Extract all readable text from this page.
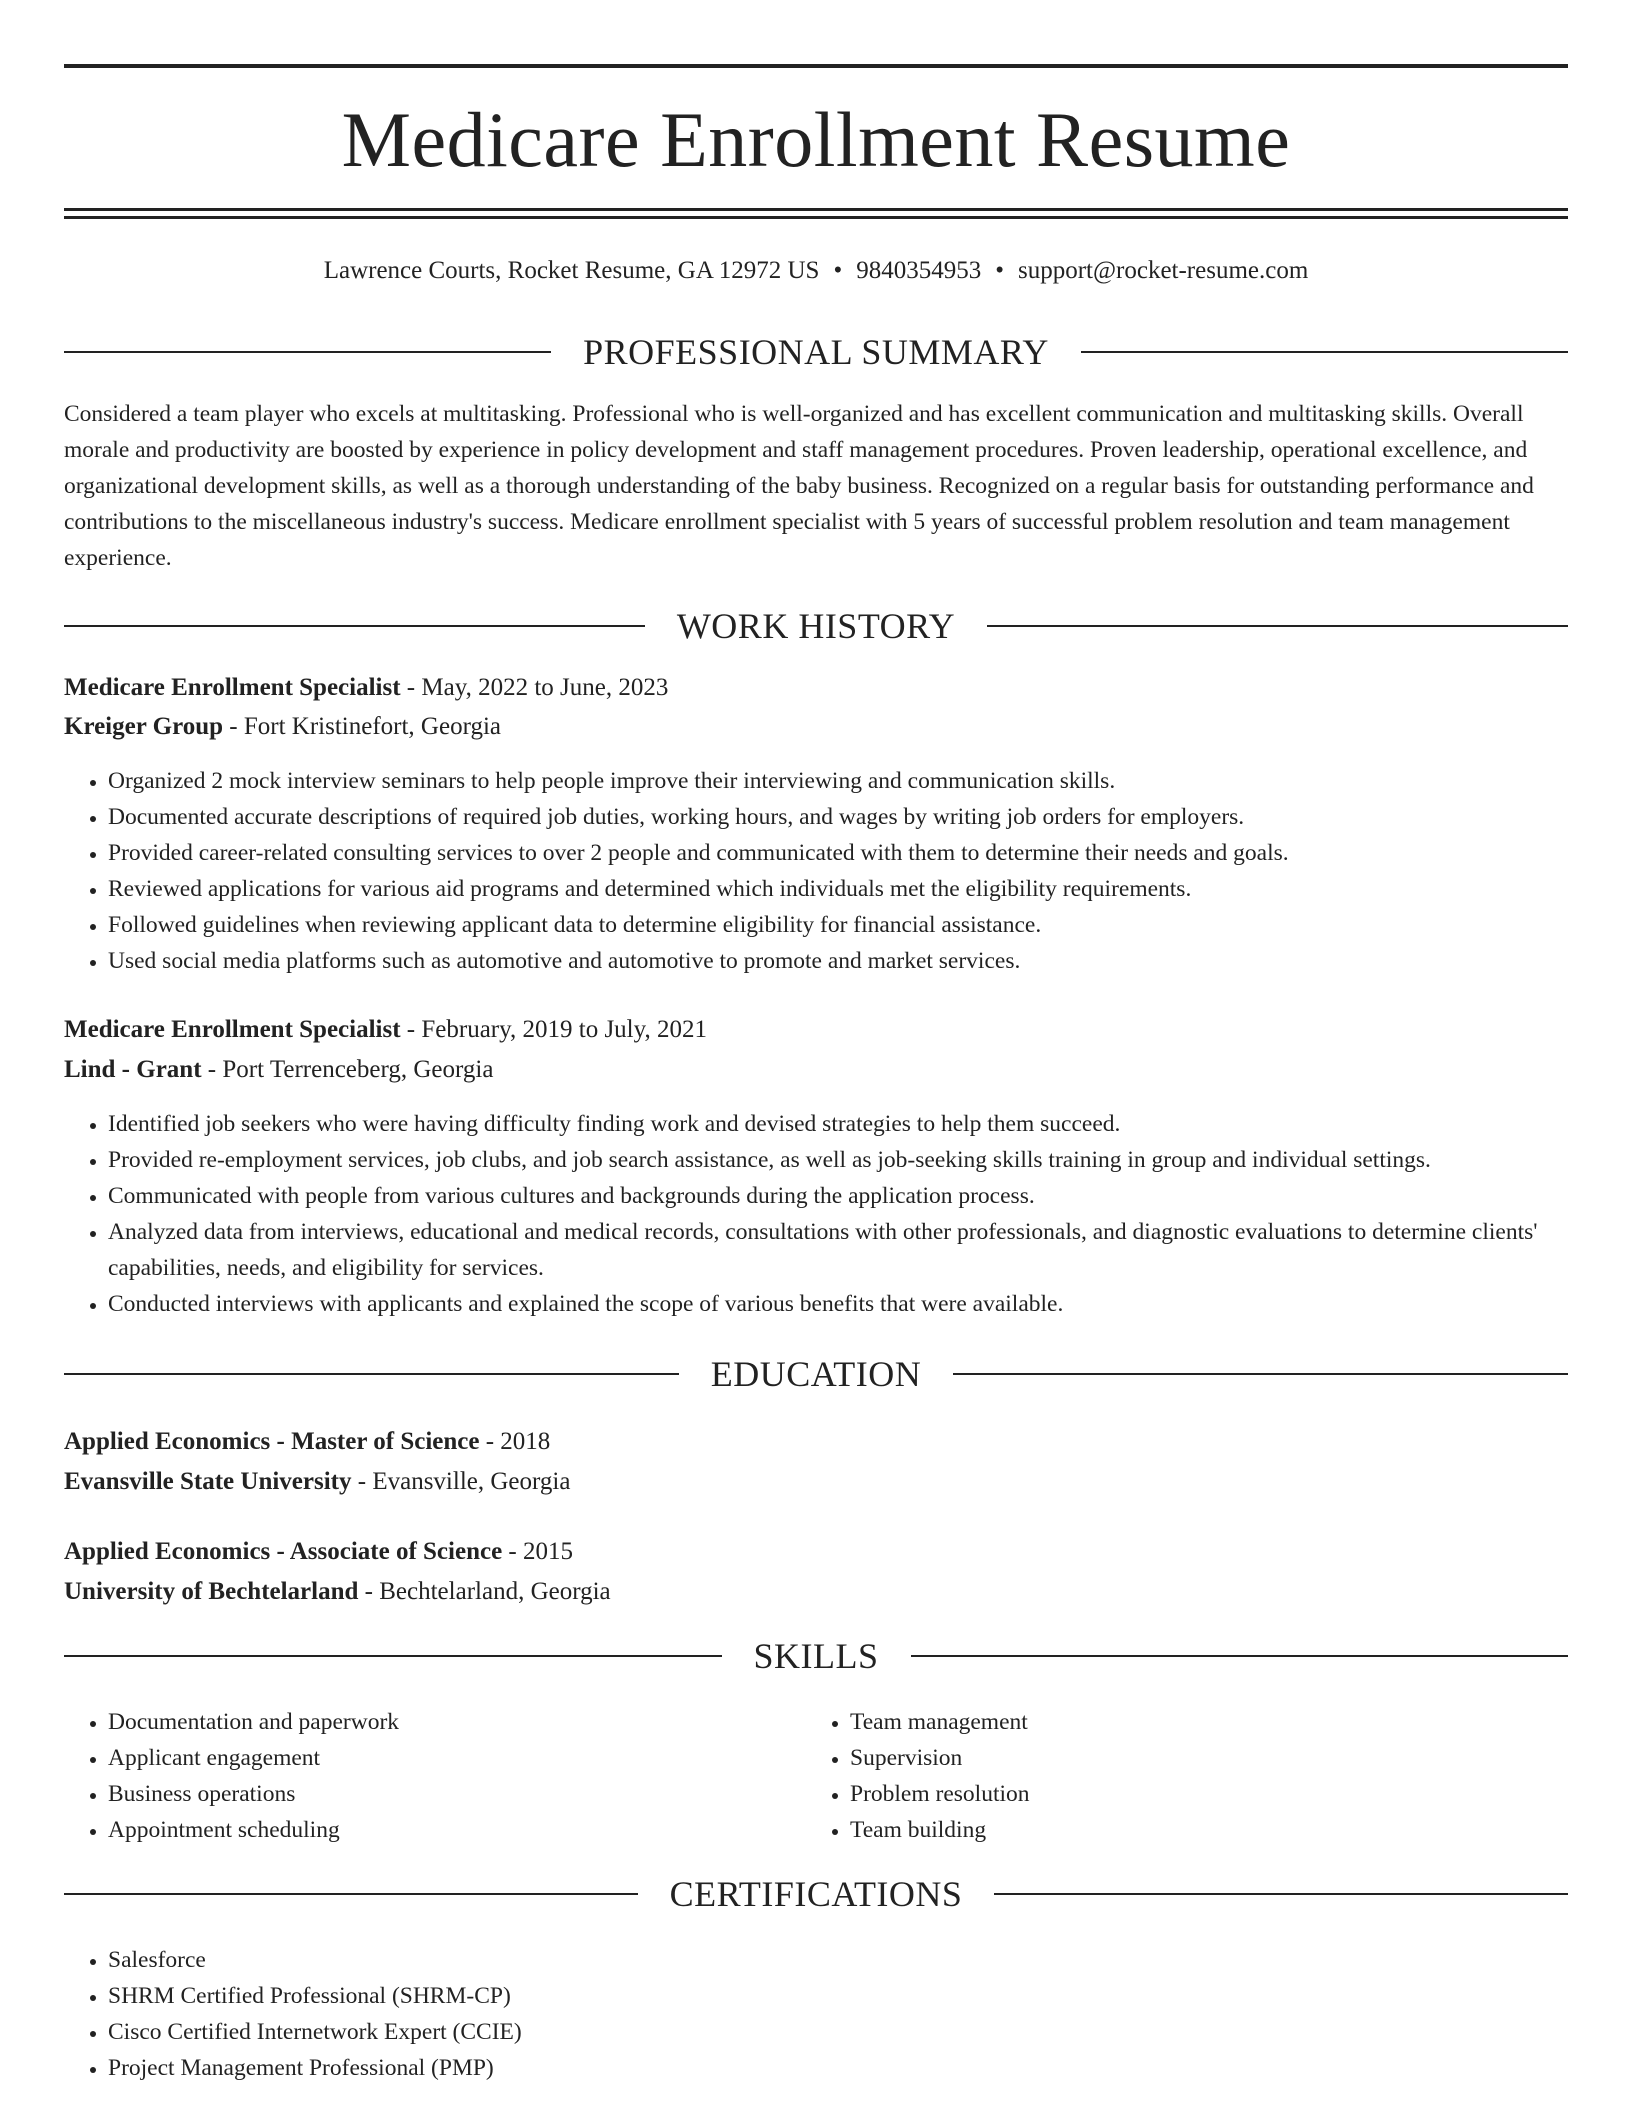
Medicare Enrollment Resume
Lawrence Courts, Rocket Resume, GA 12972 US • 9840354953 • support@rocket-resume.com
PROFESSIONAL SUMMARY
Considered a team player who excels at multitasking. Professional who is well-organized and has excellent communication and multitasking skills. Overall morale and productivity are boosted by experience in policy development and staff management procedures. Proven leadership, operational excellence, and organizational development skills, as well as a thorough understanding of the baby business. Recognized on a regular basis for outstanding performance and contributions to the miscellaneous industry's success. Medicare enrollment specialist with 5 years of successful problem resolution and team management experience.
WORK HISTORY
Medicare Enrollment Specialist - May, 2022 to June, 2023
Kreiger Group - Fort Kristinefort, Georgia
• Organized 2 mock interview seminars to help people improve their interviewing and communication skills.
• Documented accurate descriptions of required job duties, working hours, and wages by writing job orders for employers.
• Provided career-related consulting services to over 2 people and communicated with them to determine their needs and goals.
• Reviewed applications for various aid programs and determined which individuals met the eligibility requirements.
• Followed guidelines when reviewing applicant data to determine eligibility for financial assistance.
• Used social media platforms such as automotive and automotive to promote and market services.
Medicare Enrollment Specialist - February, 2019 to July, 2021
Lind - Grant - Port Terrenceberg, Georgia
• Identified job seekers who were having difficulty finding work and devised strategies to help them succeed.
• Provided re-employment services, job clubs, and job search assistance, as well as job-seeking skills training in group and individual settings.
• Communicated with people from various cultures and backgrounds during the application process.
• Analyzed data from interviews, educational and medical records, consultations with other professionals, and diagnostic evaluations to determine clients' capabilities, needs, and eligibility for services.
• Conducted interviews with applicants and explained the scope of various benefits that were available.
EDUCATION
Applied Economics - Master of Science - 2018
Evansville State University - Evansville, Georgia
Applied Economics - Associate of Science - 2015
University of Bechtelarland - Bechtelarland, Georgia
SKILLS
• Documentation and paperwork
• Applicant engagement
• Business operations
• Appointment scheduling
• Team management
• Supervision
• Problem resolution
• Team building
CERTIFICATIONS
• Salesforce
• SHRM Certified Professional (SHRM-CP)
• Cisco Certified Internetwork Expert (CCIE)
• Project Management Professional (PMP)
